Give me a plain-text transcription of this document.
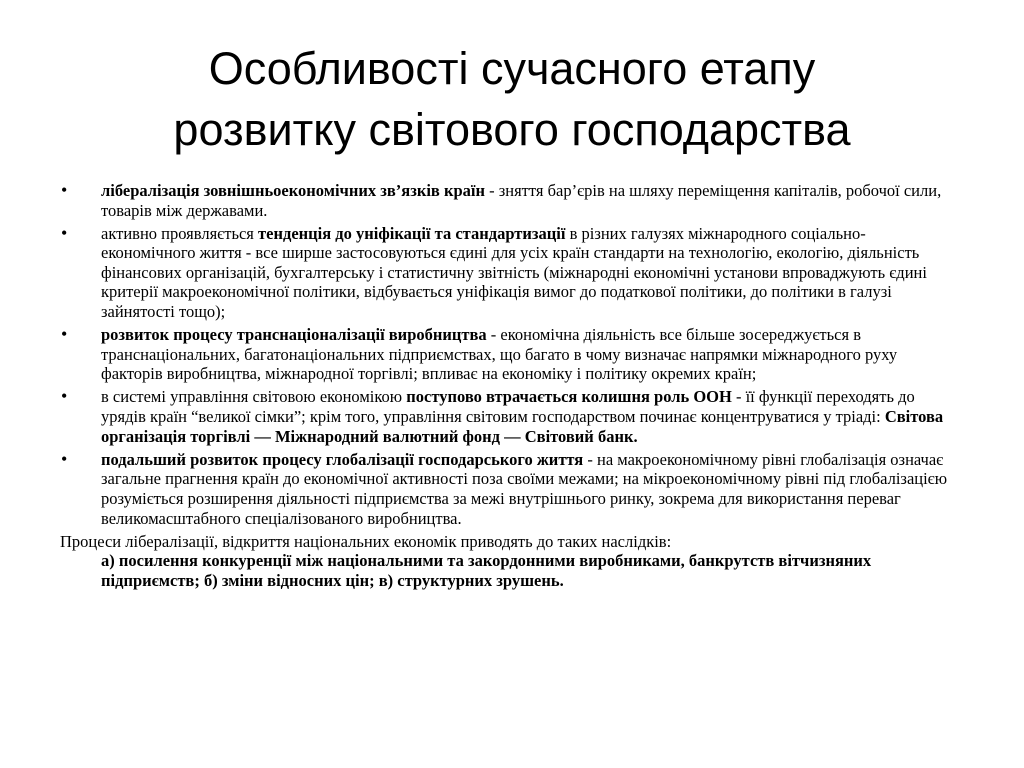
Особливості сучасного етапу
розвитку світового господарства
• лібералізація зовнішньоекономічних зв’язків країн - зняття бар’єрів на шляху переміщення капіталів, робочої сили, товарів між державами.
• активно проявляється тенденція до уніфікації та стандартизації в різних галузях міжнародного соціально-економічного життя - все ширше застосовуються єдині для усіх країн стандарти на технологію, екологію, діяльність фінансових організацій, бухгалтерську і статистичну звітність (міжнародні економічні установи впроваджують єдині критерії макроекономічної політики, відбувається уніфікація вимог до податкової політики, до політики в галузі зайнятості тощо);
• розвиток процесу транснаціоналізації виробництва - економічна діяльність все більше зосереджується в транснаціональних, багатонаціональних підприємствах, що багато в чому визначає напрямки міжнародного руху факторів виробництва, міжнародної торгівлі; впливає на економіку і політику окремих країн;
• в системі управління світовою економікою поступово втрачається колишня роль ООН - її функції переходять до урядів країн “великої сімки”; крім того, управління світовим господарством починає концентруватися у тріаді: Світова організація торгівлі — Міжнародний валютний фонд — Світовий банк.
• подальший розвиток процесу глобалізації господарського життя - на макроекономічному рівні глобалізація означає загальне прагнення країн до економічної активності поза своїми межами; на мікроекономічному рівні під глобалізацією розуміється розширення діяльності підприємства за межі внутрішнього ринку, зокрема для використання переваг великомасштабного спеціалізованого виробництва.

Процеси лібералізації, відкриття національних економік приводять до таких наслідків:
а) посилення конкуренції між національними та закордонними виробниками, банкрутств вітчизняних підприємств; б) зміни відносних цін; в) структурних зрушень.
